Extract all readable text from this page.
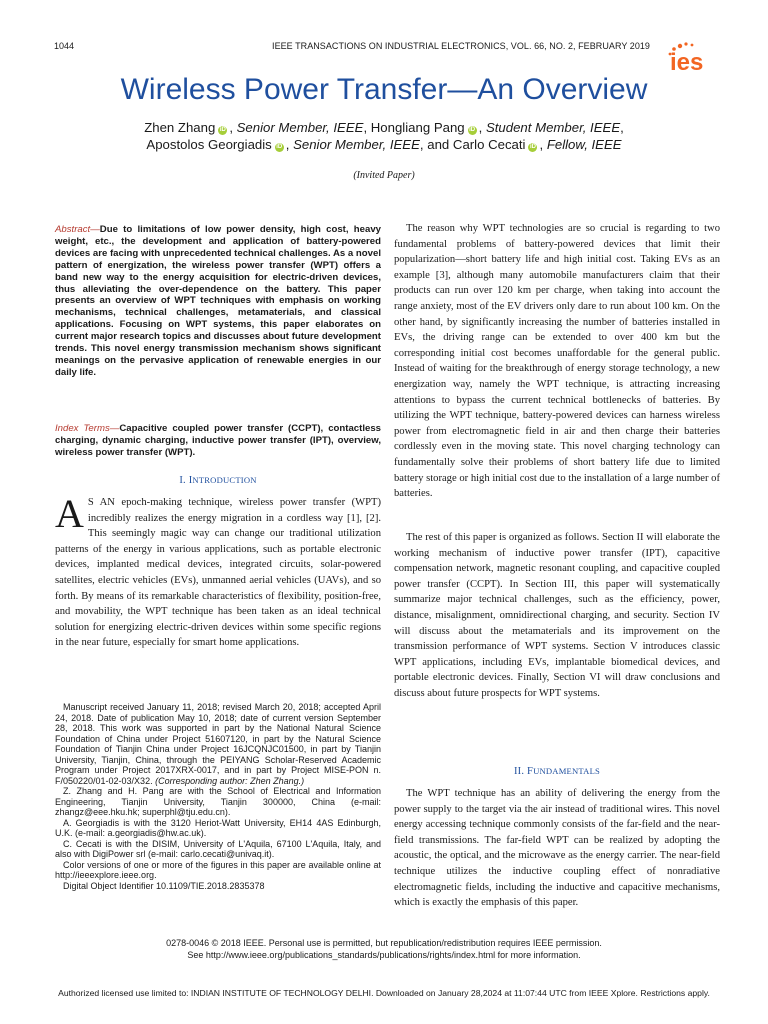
1044	IEEE TRANSACTIONS ON INDUSTRIAL ELECTRONICS, VOL. 66, NO. 2, FEBRUARY 2019
ies
Wireless Power Transfer—An Overview
Zhen Zhang iD , Senior Member, IEEE, Hongliang Pang iD , Student Member, IEEE,
Apostolos Georgiadis iD , Senior Member, IEEE, and Carlo Cecati iD , Fellow, IEEE
(Invited Paper)

Abstract—Due to limitations of low power density, high cost, heavy weight, etc., the development and application of battery-powered devices are facing with unprecedented technical challenges. As a novel pattern of energization, the wireless power transfer (WPT) offers a band new way to the energy acquisition for electric-driven devices, thus alleviating the over-dependence on the battery. This paper presents an overview of WPT techniques with emphasis on working mechanisms, technical challenges, metamaterials, and classical applications. Focusing on WPT systems, this paper elaborates on current major research topics and discusses about future development trends. This novel energy transmission mechanism shows significant meanings on the pervasive application of renewable energies in our daily life.

Index Terms—Capacitive coupled power transfer (CCPT), contactless charging, dynamic charging, inductive power transfer (IPT), overview, wireless power transfer (WPT).

I. INTRODUCTION

A S AN epoch-making technique, wireless power transfer (WPT) incredibly realizes the energy migration in a cordless way [1], [2]. This seemingly magic way can change our traditional utilization patterns of the energy in various applications, such as portable electronic devices, implanted medical devices, integrated circuits, solar-powered satellites, electric vehicles (EVs), unmanned aerial vehicles (UAVs), and so forth. By means of its remarkable characteristics of flexibility, position-free, and movability, the WPT technique has been taken as an ideal technical solution for energizing electric-driven devices within some specific regions in the near future, especially for smart home applications.

Manuscript received January 11, 2018; revised March 20, 2018; accepted April 24, 2018. Date of publication May 10, 2018; date of current version September 28, 2018. This work was supported in part by the National Natural Science Foundation of China under Project 51607120, in part by the Natural Science Foundation of Tianjin China under Project 16JCQNJC01500, in part by Tianjin University, Tianjin, China, through the PEIYANG Scholar-Reserved Academic Program under Project 2017XRX-0017, and in part by Project MISE-PON n. F/050220/01-02-03/X32. (Corresponding author: Zhen Zhang.)

Z. Zhang and H. Pang are with the School of Electrical and Information Engineering, Tianjin University, Tianjin 300000, China (e-mail: zhangz@eee.hku.hk; superphl@tju.edu.cn).

A. Georgiadis is with the 3120 Heriot-Watt University, EH14 4AS Edinburgh, U.K. (e-mail: a.georgiadis@hw.ac.uk).

C. Cecati is with the DISIM, University of L'Aquila, 67100 L'Aquila, Italy, and also with DigiPower srl (e-mail: carlo.cecati@univaq.it).

Color versions of one or more of the figures in this paper are available online at http://ieeexplore.ieee.org.

Digital Object Identifier 10.1109/TIE.2018.2835378

The reason why WPT technologies are so crucial is regarding to two fundamental problems of battery-powered devices that limit their popularization—short battery life and high initial cost. Taking EVs as an example [3], although many automobile manufacturers claim that their products can run over 120 km per charge, when taking into account the range anxiety, most of the EV drivers only dare to run about 100 km. On the other hand, by significantly increasing the number of batteries installed in EVs, the driving range can be extended to over 400 km but the corresponding initial cost becomes unaffordable for the general public. Instead of waiting for the breakthrough of energy storage technology, a new energization way, namely the WPT technique, is attracting increasing attentions to bypass the current technical bottlenecks of batteries. By utilizing the WPT technique, battery-powered devices can harness wireless power from electromagnetic field in air and then charge their batteries cordlessly even in the moving state. This novel charging technology can fundamentally solve their problems of short battery life due to limited battery storage or high initial cost due to the installation of a large number of batteries.

The rest of this paper is organized as follows. Section II will elaborate the working mechanism of inductive power transfer (IPT), capacitive compensation network, magnetic resonant coupling, and capacitive coupled power transfer (CCPT). In Section III, this paper will systematically summarize major technical challenges, such as the efficiency, power, distance, misalignment, omnidirectional charging, and security. Section IV will discuss about the metamaterials and its improvement on the transmission performance of WPT systems. Section V introduces classic WPT applications, including EVs, implantable biomedical devices, and portable electronic devices. Finally, Section VI will draw conclusions and discuss about future prospects for WPT systems.

II. FUNDAMENTALS

The WPT technique has an ability of delivering the energy from the power supply to the target via the air instead of traditional wires. This novel energy accessing technique commonly consists of the far-field and the near-field transmissions. The far-field WPT can be realized by adopting the acoustic, the optical, and the microwave as the energy carrier. The near-field technique utilizes the inductive coupling effect of nonradiative electromagnetic fields, including the inductive and capacitive mechanisms, which is exactly the emphasis of this paper.

0278-0046 © 2018 IEEE. Personal use is permitted, but republication/redistribution requires IEEE permission.
See http://www.ieee.org/publications_standards/publications/rights/index.html for more information.
Authorized licensed use limited to: INDIAN INSTITUTE OF TECHNOLOGY DELHI. Downloaded on January 28,2024 at 11:07:44 UTC from IEEE Xplore. Restrictions apply.
